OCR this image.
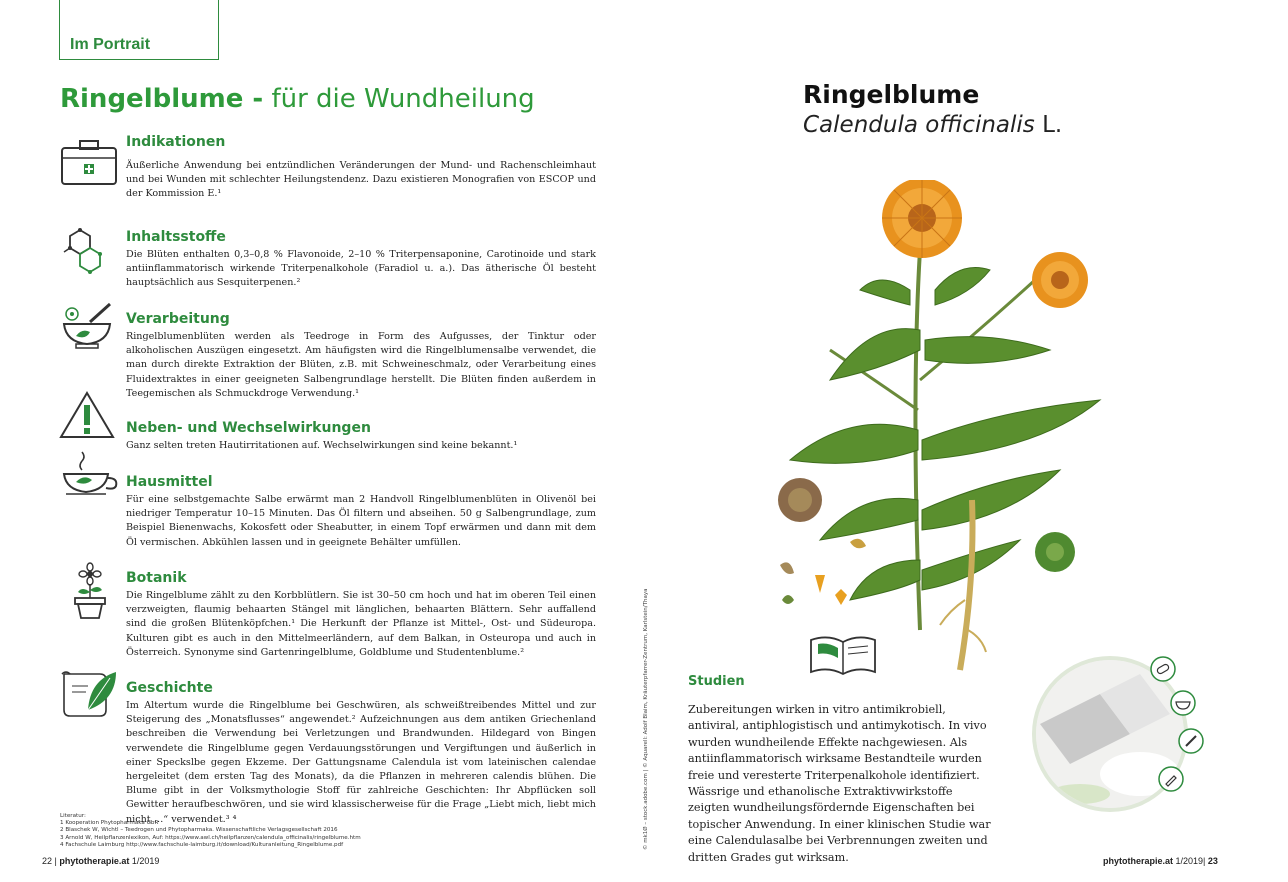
Im Portrait
Ringelblume - für die Wundheilung
Indikationen
Äußerliche Anwendung bei entzündlichen Veränderungen der Mund- und Rachenschleimhaut und bei Wunden mit schlechter Heilungstendenz. Dazu existieren Monografien von ESCOP und der Kommission E.¹
Inhaltsstoffe
Die Blüten enthalten 0,3–0,8 % Flavonoide, 2–10 % Triterpensaponine, Carotinoide und stark antiinflammatorisch wirkende Triterpenalkohole (Faradiol u. a.). Das ätherische Öl besteht hauptsächlich aus Sesquiterpenen.²
Verarbeitung
Ringelblumenblüten werden als Teedroge in Form des Aufgusses, der Tinktur oder alkoholischen Auszügen eingesetzt. Am häufigsten wird die Ringelblumensalbe verwendet, die man durch direkte Extraktion der Blüten, z.B. mit Schweineschmalz, oder Verarbeitung eines Fluidextraktes in einer geeigneten Salbengrundlage herstellt. Die Blüten finden außerdem in Teegemischen als Schmuckdroge Verwendung.¹
Neben- und Wechselwirkungen
Ganz selten treten Hautirritationen auf. Wechselwirkungen sind keine bekannt.¹
Hausmittel
Für eine selbstgemachte Salbe erwärmt man 2 Handvoll Ringelblumenblüten in Olivenöl bei niedriger Temperatur 10–15 Minuten. Das Öl filtern und abseihen. 50 g Salbengrundlage, zum Beispiel Bienenwachs, Kokosfett oder Sheabutter, in einem Topf erwärmen und dann mit dem Öl vermischen. Abkühlen lassen und in geeignete Behälter umfüllen.
Botanik
Die Ringelblume zählt zu den Korbblütlern. Sie ist 30–50 cm hoch und hat im oberen Teil einen verzweigten, flaumig behaarten Stängel mit länglichen, behaarten Blättern. Sehr auffallend sind die großen Blütenköpfchen.¹ Die Herkunft der Pflanze ist Mittel-, Ost- und Südeuropa. Kulturen gibt es auch in den Mittelmeerländern, auf dem Balkan, in Osteuropa und auch in Österreich. Synonyme sind Gartenringelblume, Goldblume und Studentenblume.²
Geschichte
Im Altertum wurde die Ringelblume bei Geschwüren, als schweißtreibendes Mittel und zur Steigerung des „Monatsflusses“ angewendet.² Aufzeichnungen aus dem antiken Griechenland beschreiben die Verwendung bei Verletzungen und Brandwunden. Hildegard von Bingen verwendete die Ringelblume gegen Verdauungsstörungen und Vergiftungen und äußerlich in einer Speckslbe gegen Ekzeme. Der Gattungsname Calendula ist vom lateinischen calendae hergeleitet (dem ersten Tag des Monats), da die Pflanzen in mehreren calendis blühen. Die Blume gibt in der Volksmythologie Stoff für zahlreiche Geschichten: Ihr Abpflücken soll Gewitter heraufbeschwören, und sie wird klassischerweise für die Frage „Liebt mich, liebt mich nicht …“ verwendet.³ ⁴
Literatur:
1 Kooperation Phytopharmaka GbR
2 Blaschek W, Wichtl – Teedrogen und Phytopharmaka. Wissenschaftliche Verlagsgesellschaft 2016
3 Arnold W, Heilpflanzenlexikon, Auf: https://www.awl.ch/heilpflanzen/calendula_officinalis/ringelblume.htm
4 Fachschule Laimburg http://www.fachschule-laimburg.it/download/Kulturanleitung_Ringelblume.pdf
22 | phytotherapie.at 1/2019	phytotherapie.at 1/2019| 23
© mk1Ø – stock.adobe.com | © Aquarell: Adolf Blaim, Kräuterpfarrer-Zentrum, Karlstein/Thaya
Ringelblume
Calendula officinalis L.
Studien
Zubereitungen wirken in vitro antimikrobiell, antiviral, antiphlogistisch und antimykotisch. In vivo wurden wundheilende Effekte nachgewiesen. Als antiinflammatorisch wirksame Bestandteile wurden freie und veresterte Triterpenalkohole identifiziert. Wässrige und ethanolische Extraktivwirkstoffe zeigten wundheilungsfördernde Eigenschaften bei topischer Anwendung. In einer klinischen Studie war eine Calendulasalbe bei Verbrennungen zweiten und dritten Grades gut wirksam.
